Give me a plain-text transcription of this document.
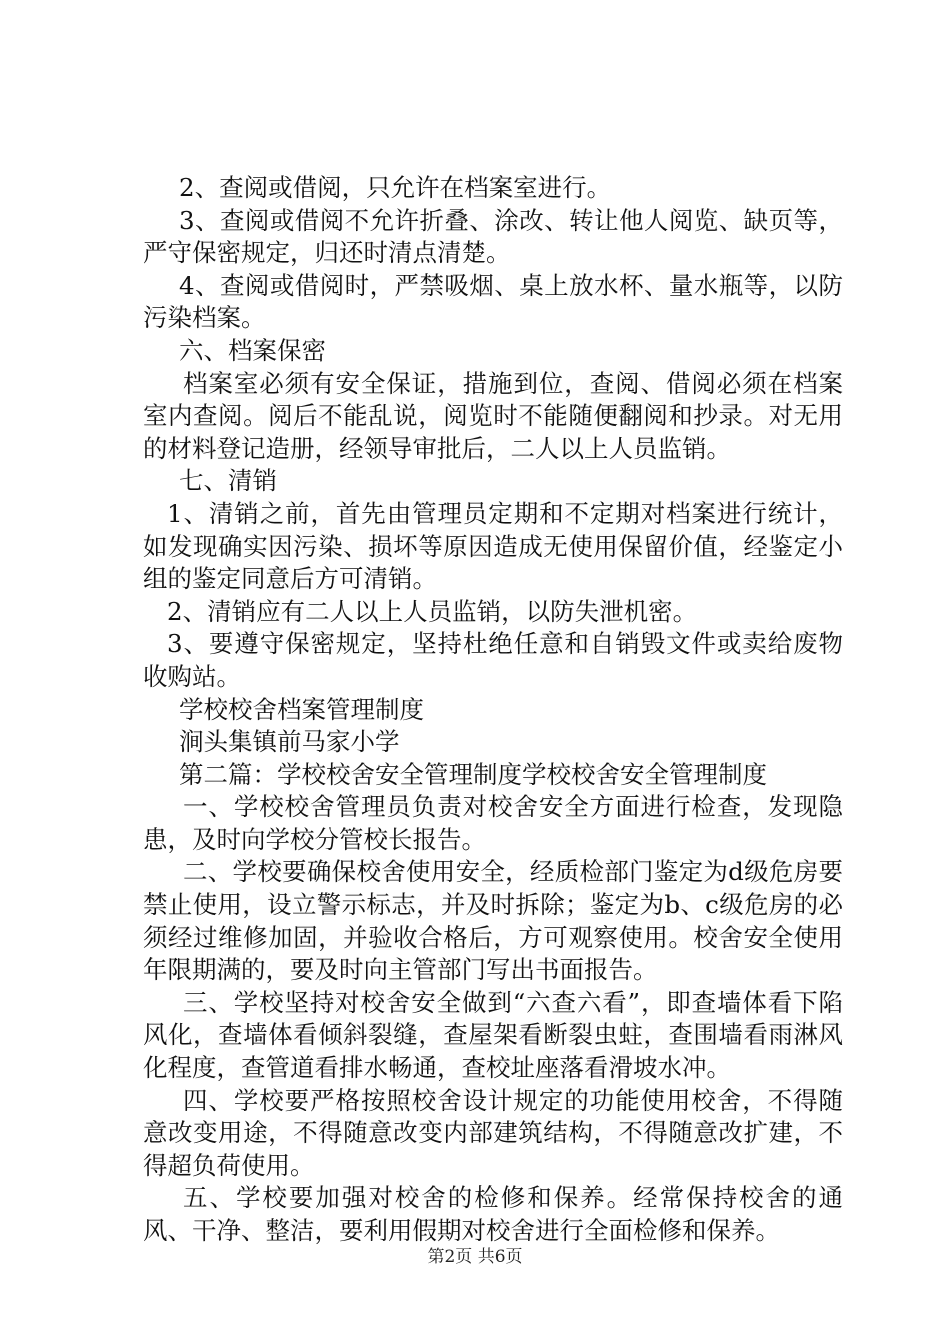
2、查阅或借阅，只允许在档案室进行。

3、查阅或借阅不允许折叠、涂改、转让他人阅览、缺页等，严守保密规定，归还时清点清楚。

4、查阅或借阅时，严禁吸烟、桌上放水杯、量水瓶等，以防污染档案。

六、档案保密

档案室必须有安全保证，措施到位，查阅、借阅必须在档案室内查阅。阅后不能乱说，阅览时不能随便翻阅和抄录。对无用的材料登记造册，经领导审批后，二人以上人员监销。

七、清销

1、清销之前，首先由管理员定期和不定期对档案进行统计，如发现确实因污染、损坏等原因造成无使用保留价值，经鉴定小组的鉴定同意后方可清销。

2、清销应有二人以上人员监销，以防失泄机密。

3、要遵守保密规定，坚持杜绝任意和自销毁文件或卖给废物收购站。

学校校舍档案管理制度

涧头集镇前马家小学

第二篇：学校校舍安全管理制度学校校舍安全管理制度

一、学校校舍管理员负责对校舍安全方面进行检查，发现隐患，及时向学校分管校长报告。

二、学校要确保校舍使用安全，经质检部门鉴定为d级危房要禁止使用，设立警示标志，并及时拆除；鉴定为b、c级危房的必须经过维修加固，并验收合格后，方可观察使用。校舍安全使用年限期满的，要及时向主管部门写出书面报告。

三、学校坚持对校舍安全做到“六查六看”，即查墙体看下陷风化，查墙体看倾斜裂缝，查屋架看断裂虫蛀，查围墙看雨淋风化程度，查管道看排水畅通，查校址座落看滑坡水冲。

四、学校要严格按照校舍设计规定的功能使用校舍，不得随意改变用途，不得随意改变内部建筑结构，不得随意改扩建，不得超负荷使用。

五、学校要加强对校舍的检修和保养。经常保持校舍的通风、干净、整洁，要利用假期对校舍进行全面检修和保养。

第2页 共6页
